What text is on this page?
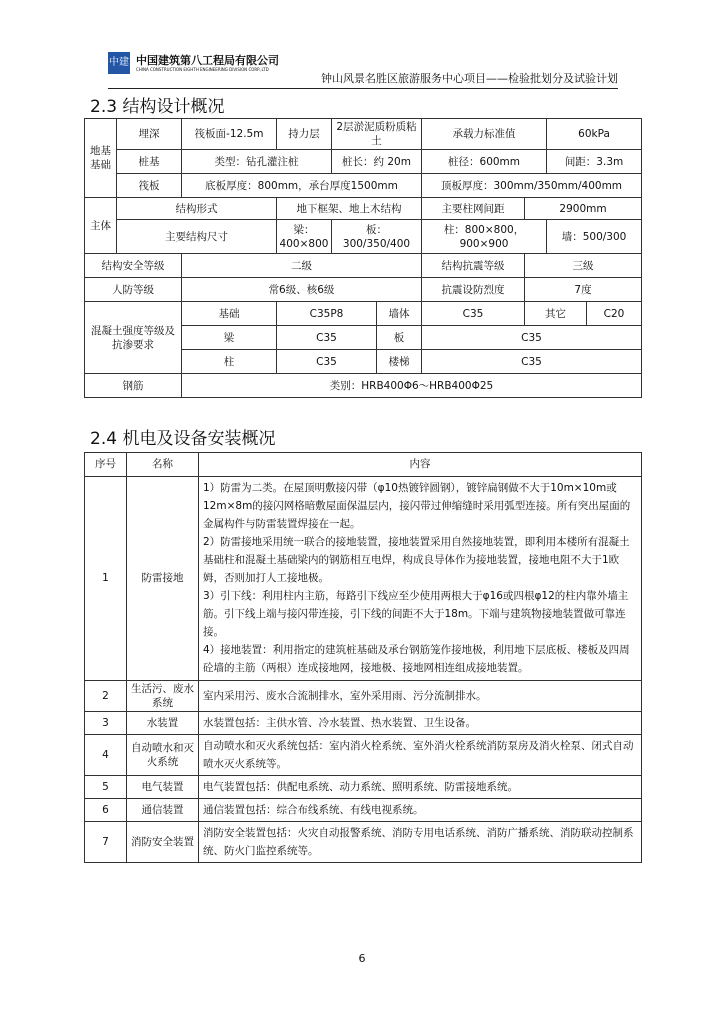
中建 中国建筑第八工程局有限公司
CHINA CONSTRUCTION EIGHTH ENGINEERING DIVISION CORP.,LTD
钟山风景名胜区旅游服务中心项目——检验批划分及试验计划
2.3 结构设计概况
地基基础	埋深	筏板面-12.5m	持力层	2层淤泥质粉质粘土		承载力标准值		60kPa	
	桩基	类型：钻孔灌注桩		桩长：约 20m		桩径：600mm		间距：3.3m	
	筏板	底板厚度：800mm，承台厚度1500mm				顶板厚度：300mm/350mm/400mm			
主体	结构形式		地下框架、地上木结构			主要柱网间距	2900mm		
	主要结构尺寸		梁：400×800	板：300/350/400		柱：800×800，900×900		墙：500/300	
结构安全等级		二级				结构抗震等级	三级		
人防等级		常6级、核6级				抗震设防烈度	7度		
混凝土强度等级及抗渗要求		基础	C35P8		墙体	C35	其它		C20
		梁	C35		板	C35			
		柱	C35		楼梯	C35			
钢筋		类别：HRB400Φ6～HRB400Φ25							
2.4 机电及设备安装概况
序号	名称	内容
1	防雷接地	1）防雷为二类。在屋顶明敷接闪带（φ10热镀锌圆钢），镀锌扁钢做不大于10m×10m或12m×8m的接闪网格暗敷屋面保温层内，接闪带过伸缩缝时采用弧型连接。所有突出屋面的金属构件与防雷装置焊接在一起。
2）防雷接地采用统一联合的接地装置，接地装置采用自然接地装置，即利用本楼所有混凝土基础柱和混凝土基础梁内的钢筋相互电焊，构成良导体作为接地装置，接地电阻不大于1欧姆，否则加打人工接地极。
3）引下线：利用柱内主筋，每路引下线应至少使用两根大于φ16或四根φ12的柱内靠外墙主筋。引下线上端与接闪带连接，引下线的间距不大于18m。下端与建筑物接地装置做可靠连接。
4）接地装置：利用指定的建筑桩基础及承台钢筋笼作接地极，利用地下层底板、楼板及四周砼墙的主筋（两根）连成接地网，接地极、接地网相连组成接地装置。
2	生活污、废水系统	室内采用污、废水合流制排水，室外采用雨、污分流制排水。
3	水装置	水装置包括：主供水管、冷水装置、热水装置、卫生设备。
4	自动喷水和灭火系统	自动喷水和灭火系统包括：室内消火栓系统、室外消火栓系统消防泵房及消火栓泵、闭式自动喷水灭火系统等。
5	电气装置	电气装置包括：供配电系统、动力系统、照明系统、防雷接地系统。
6	通信装置	通信装置包括：综合布线系统、有线电视系统。
7	消防安全装置	消防安全装置包括：火灾自动报警系统、消防专用电话系统、消防广播系统、消防联动控制系统、防火门监控系统等。
6
